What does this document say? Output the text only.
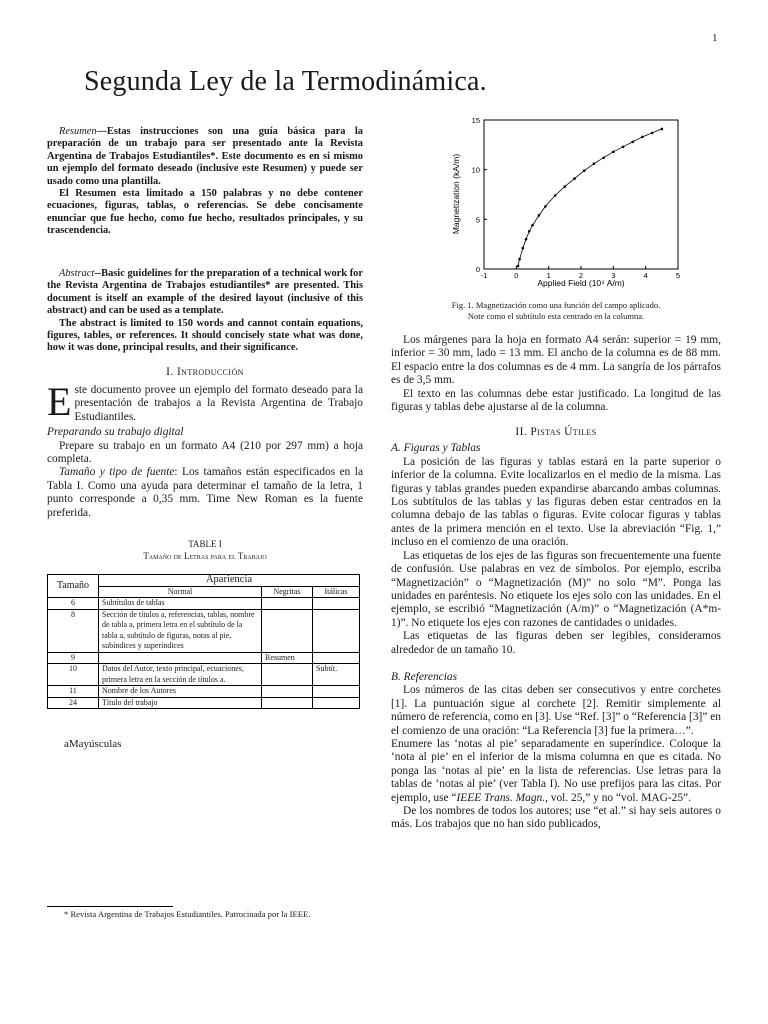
1
Segunda Ley de la Termodinámica.

Resumen—Estas instrucciones son una guía básica para la preparación de un trabajo para ser presentado ante la Revista Argentina de Trabajos Estudiantiles*. Este documento es en si mismo un ejemplo del formato deseado (inclusive este Resumen) y puede ser usado como una plantilla.

El Resumen esta limitado a 150 palabras y no debe contener ecuaciones, figuras, tablas, o referencias. Se debe concisamente enunciar que fue hecho, como fue hecho, resultados principales, y su trascendencia.

Abstract--Basic guidelines for the preparation of a technical work for the Revista Argentina de Trabajos estudiantiles* are presented. This document is itself an example of the desired layout (inclusive of this abstract) and can be used as a template.

The abstract is limited to 150 words and cannot contain equations, figures, tables, or references. It should concisely state what was done, how it was done, principal results, and their significance.

I. Introducción

E ste documento provee un ejemplo del formato deseado para la presentación de trabajos a la Revista Argentina de Trabajo Estudiantiles.

Preparando su trabajo digital

Prepare su trabajo en un formato A4 (210 por 297 mm) a hoja completa.

Tamaño y tipo de fuente: Los tamaños están especificados en la Tabla I. Como una ayuda para determinar el tamaño de la letra, 1 punto corresponde a 0,35 mm. Time New Roman es la fuente preferida.

TABLE I
Tamaño de Letras para el Trabajo
Tamaño	Apariencia		
	Normal	Negritas	Itálicas
6	Subtítulos de tablas		
8	Sección de títulos a, referencias, tablas, nombre de tabla a, primera letra en el subtítulo de la tabla a, subtítulo de figuras, notas al pie, subíndices y superíndices		
9		Resumen	
10	Datos del Autor, texto principal, ecuaciones, primera letra en la sección de títulos a.		Subtít.
11	Nombre de los Autores		
24	Título del trabajo		
aMayúsculas
* Revista Argentina de Trabajos Estudiantiles. Patrocinada por la IEEE.
-1	0	1	2	3	4	5
0
5
10
15
Applied Field (10⁴ A/m)
Magnetization (kA/m)
Fig. 1. Magnetización como una función del campo aplicado.
Note como el subtítulo esta centrado en la columna.

Los márgenes para la hoja en formato A4 serán: superior = 19 mm, inferior = 30 mm, lado = 13 mm. El ancho de la columna es de 88 mm. El espacio entre la dos columnas es de 4 mm. La sangría de los párrafos es de 3,5 mm.

El texto en las columnas debe estar justificado. La longitud de las figuras y tablas debe ajustarse al de la columna.

II. Pistas Útiles

A. Figuras y Tablas

La posición de las figuras y tablas estará en la parte superior o inferior de la columna. Evite localizarlos en el medio de la misma. Las figuras y tablas grandes pueden expandirse abarcando ambas columnas. Los subtítulos de las tablas y las figuras deben estar centrados en la columna debajo de las tablas o figuras. Evite colocar figuras y tablas antes de la primera mención en el texto. Use la abreviación “Fig. 1,” incluso en el comienzo de una oración.

Las etiquetas de los ejes de las figuras son frecuentemente una fuente de confusión. Use palabras en vez de símbolos. Por ejemplo, escriba “Magnetización” o “Magnetización (M)” no solo “M”. Ponga las unidades en paréntesis. No etiquete los ejes solo con las unidades. En el ejemplo, se escribió “Magnetización (A/m)” o “Magnetización (A*m-1)”. No etiquete los ejes con razones de cantidades o unidades.

Las etiquetas de las figuras deben ser legibles, consideramos alrededor de un tamaño 10.

B. Referencias

Los números de las citas deben ser consecutivos y entre corchetes [1]. La puntuación sigue al corchete [2]. Remitir simplemente al número de referencia, como en [3]. Use “Ref. [3]” o “Referencia [3]” en el comienzo de una oración: “La Referencia [3] fue la primera…”.

Enumere las ‘notas al pie’ separadamente en superíndice. Coloque la ‘nota al pie’ en el inferior de la misma columna en que es citada. No ponga las ‘notas al pie’ en la lista de referencias. Use letras para la tablas de ‘notas al pie’ (ver Tabla I). No use prefijos para las citas. Por ejemplo, use “IEEE Trans. Magn., vol. 25,” y no “vol. MAG-25”.

De los nombres de todos los autores; use “et al.” si hay seis autores o más. Los trabajos que no han sido publicados,
